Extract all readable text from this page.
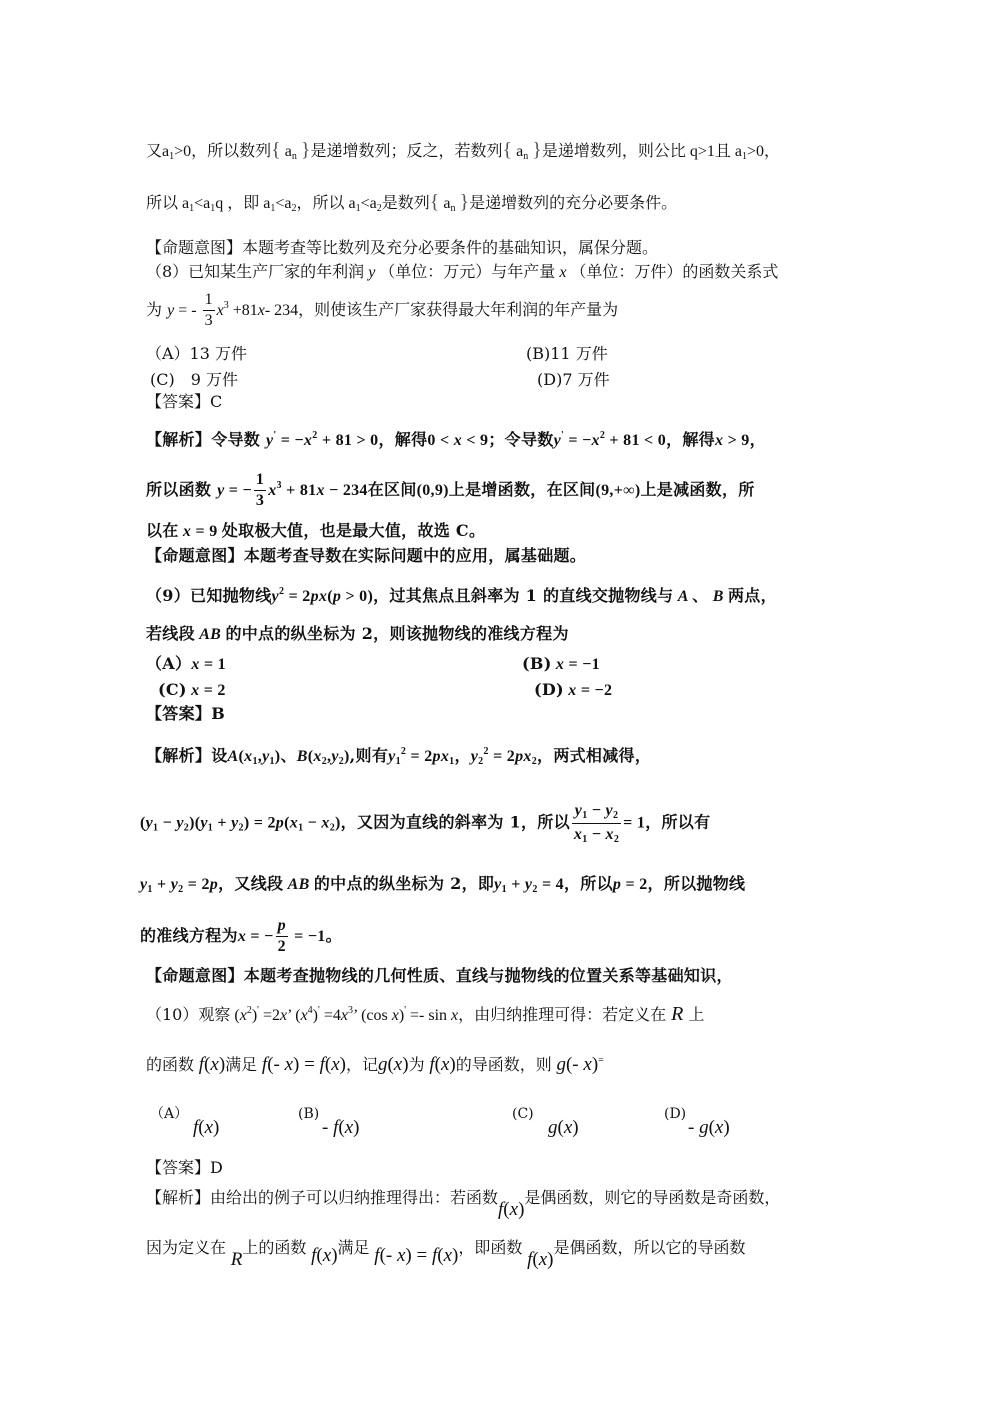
又$a_1>0$，所以数列{ $a_n$ }是递增数列；反之，若数列{ $a_n$ }是递增数列，则公比 q>1且 $a_1>0$，
所以 $a_1<a_1q$ ，即 $a_1<a_2$，所以 $a_1<a_2$是数列{ $a_n$ }是递增数列的充分必要条件。
【命题意图】本题考查等比数列及充分必要条件的基础知识，属保分题。
（8）已知某生产厂家的年利润 y （单位：万元）与年产量 x （单位：万件）的函数关系式
为 y = - $\frac{1}{3} x^3 +81x-$ 234，则使该生产厂家获得最大年利润的年产量为
（A）13 万件	(B)11 万件
(C)　9 万件	(D)7 万件
【答案】C
【解析】令导数 $y' = -x^2 + 81 > 0$，解得0 < x < 9；令导数$y' = -x^2 + 81 < 0$，解得x > 9，
所以函数 y = − $\frac{1}{3} x^3 + 81x - 234$在区间(0,9)上是增函数，在区间(9,+∞)上是减函数，所
以在 x = 9 处取极大值，也是最大值，故选 C。
【命题意图】本题考查导数在实际问题中的应用，属基础题。
（9）已知抛物线$y^2 = 2px(p > 0)$，过其焦点且斜率为 1 的直线交抛物线与 A 、 B 两点，
若线段 AB 的中点的纵坐标为 2，则该抛物线的准线方程为
（A）x = 1	(B) x = −1
(C) x = 2	(D) x = −2
【答案】B
【解析】设$A(x_1,y_1)$、$B(x_2,y_2)$,则有$y_1^2 = 2px_1$，$y_2^2 = 2px_2$，两式相减得，
$(y_1 - y_2)(y_1 + y_2) = 2p(x_1 - x_2)$，又因为直线的斜率为 1，所以 $\frac{y_1 - y_2}{x_1 - x_2} = 1$，所以有
$y_1 + y_2 = 2p$，又线段 AB 的中点的纵坐标为 2，即$y_1 + y_2 = 4$，所以p = 2，所以抛物线
的准线方程为x = − $\frac{p}{2} = -1$。
【命题意图】本题考查抛物线的几何性质、直线与抛物线的位置关系等基础知识，
（10）观察 $(x^2)' =2x$’ $(x^4)' =4x^3$’ (cos x)' =- sin x，由归纳推理可得：若定义在 R 上
的函数 f(x)满足 f(- x) = f(x)，记g(x)为 f(x)的导函数，则 g(- x)=
（A）
f(x)
(B)
- f(x)
(C)
g(x)
(D)
- g(x)
【答案】D
【解析】由给出的例子可以归纳推理得出：若函数f(x)是偶函数，则它的导函数是奇函数，
因为定义在 R上的函数 f(x)满足 f(- x) = f(x)，即函数 f(x)是偶函数，所以它的导函数
